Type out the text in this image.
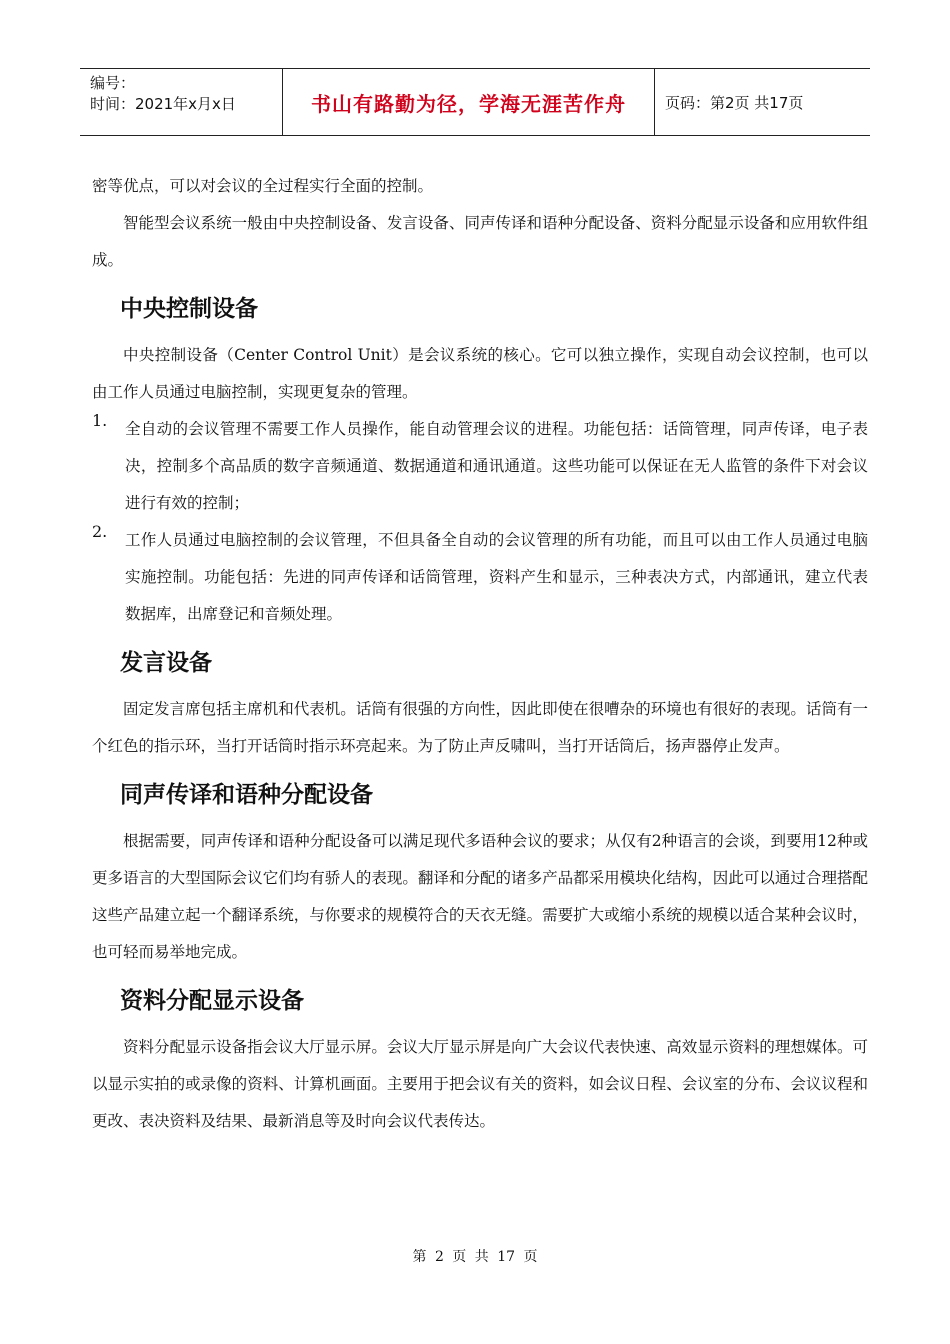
编号：
时间：2021年x月x日	书山有路勤为径，学海无涯苦作舟	页码：第2页 共17页

密等优点，可以对会议的全过程实行全面的控制。

智能型会议系统一般由中央控制设备、发言设备、同声传译和语种分配设备、资料分配显示设备和应用软件组成。

中央控制设备

中央控制设备（Center Control Unit）是会议系统的核心。它可以独立操作，实现自动会议控制，也可以由工作人员通过电脑控制，实现更复杂的管理。

1. 全自动的会议管理不需要工作人员操作，能自动管理会议的进程。功能包括：话筒管理，同声传译，电子表决，控制多个高品质的数字音频通道、数据通道和通讯通道。这些功能可以保证在无人监管的条件下对会议进行有效的控制；

2. 工作人员通过电脑控制的会议管理，不但具备全自动的会议管理的所有功能，而且可以由工作人员通过电脑实施控制。功能包括：先进的同声传译和话筒管理，资料产生和显示，三种表决方式，内部通讯，建立代表数据库，出席登记和音频处理。

发言设备

固定发言席包括主席机和代表机。话筒有很强的方向性，因此即使在很嘈杂的环境也有很好的表现。话筒有一个红色的指示环，当打开话筒时指示环亮起来。为了防止声反啸叫，当打开话筒后，扬声器停止发声。

同声传译和语种分配设备

根据需要，同声传译和语种分配设备可以满足现代多语种会议的要求；从仅有2种语言的会谈，到要用12种或更多语言的大型国际会议它们均有骄人的表现。翻译和分配的诸多产品都采用模块化结构，因此可以通过合理搭配这些产品建立起一个翻译系统，与你要求的规模符合的天衣无缝。需要扩大或缩小系统的规模以适合某种会议时，也可轻而易举地完成。

资料分配显示设备

资料分配显示设备指会议大厅显示屏。会议大厅显示屏是向广大会议代表快速、高效显示资料的理想媒体。可以显示实拍的或录像的资料、计算机画面。主要用于把会议有关的资料，如会议日程、会议室的分布、会议议程和更改、表决资料及结果、最新消息等及时向会议代表传达。

第 2 页 共 17 页
